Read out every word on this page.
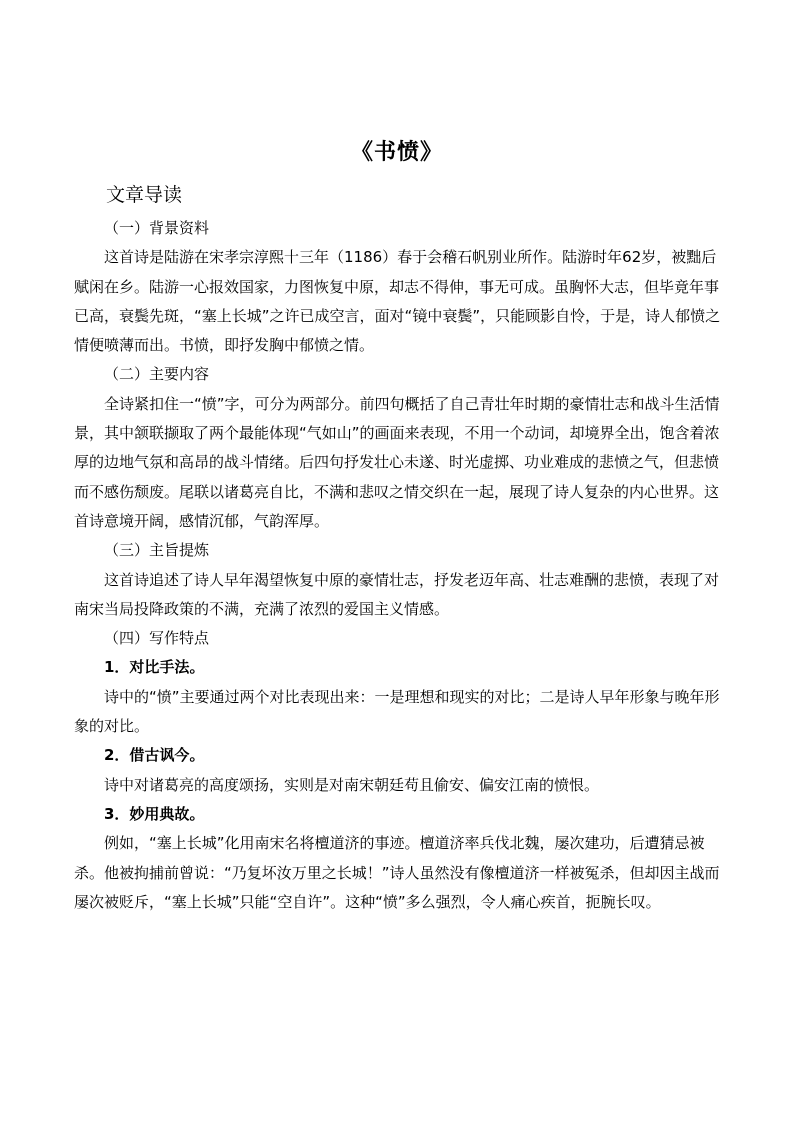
《书愤》
文章导读

（一）背景资料

这首诗是陆游在宋孝宗淳熙十三年（1186）春于会稽石帆别业所作。陆游时年62岁，被黜后赋闲在乡。陆游一心报效国家，力图恢复中原，却志不得伸，事无可成。虽胸怀大志，但毕竟年事已高，衰鬓先斑，“塞上长城”之许已成空言，面对“镜中衰鬓”，只能顾影自怜，于是，诗人郁愤之情便喷薄而出。书愤，即抒发胸中郁愤之情。

（二）主要内容

全诗紧扣住一“愤”字，可分为两部分。前四句概括了自己青壮年时期的豪情壮志和战斗生活情景，其中颔联撷取了两个最能体现“气如山”的画面来表现，不用一个动词，却境界全出，饱含着浓厚的边地气氛和高昂的战斗情绪。后四句抒发壮心未遂、时光虚掷、功业难成的悲愤之气，但悲愤而不感伤颓废。尾联以诸葛亮自比，不满和悲叹之情交织在一起，展现了诗人复杂的内心世界。这首诗意境开阔，感情沉郁，气韵浑厚。

（三）主旨提炼

这首诗追述了诗人早年渴望恢复中原的豪情壮志，抒发老迈年高、壮志难酬的悲愤，表现了对南宋当局投降政策的不满，充满了浓烈的爱国主义情感。

（四）写作特点

1．对比手法。

诗中的“愤”主要通过两个对比表现出来：一是理想和现实的对比；二是诗人早年形象与晚年形象的对比。

2．借古讽今。

诗中对诸葛亮的高度颂扬，实则是对南宋朝廷苟且偷安、偏安江南的愤恨。

3．妙用典故。

例如，“塞上长城”化用南宋名将檀道济的事迹。檀道济率兵伐北魏，屡次建功，后遭猜忌被杀。他被拘捕前曾说：“乃复坏汝万里之长城！”诗人虽然没有像檀道济一样被冤杀，但却因主战而屡次被贬斥，“塞上长城”只能“空自许”。这种“愤”多么强烈，令人痛心疾首，扼腕长叹。
